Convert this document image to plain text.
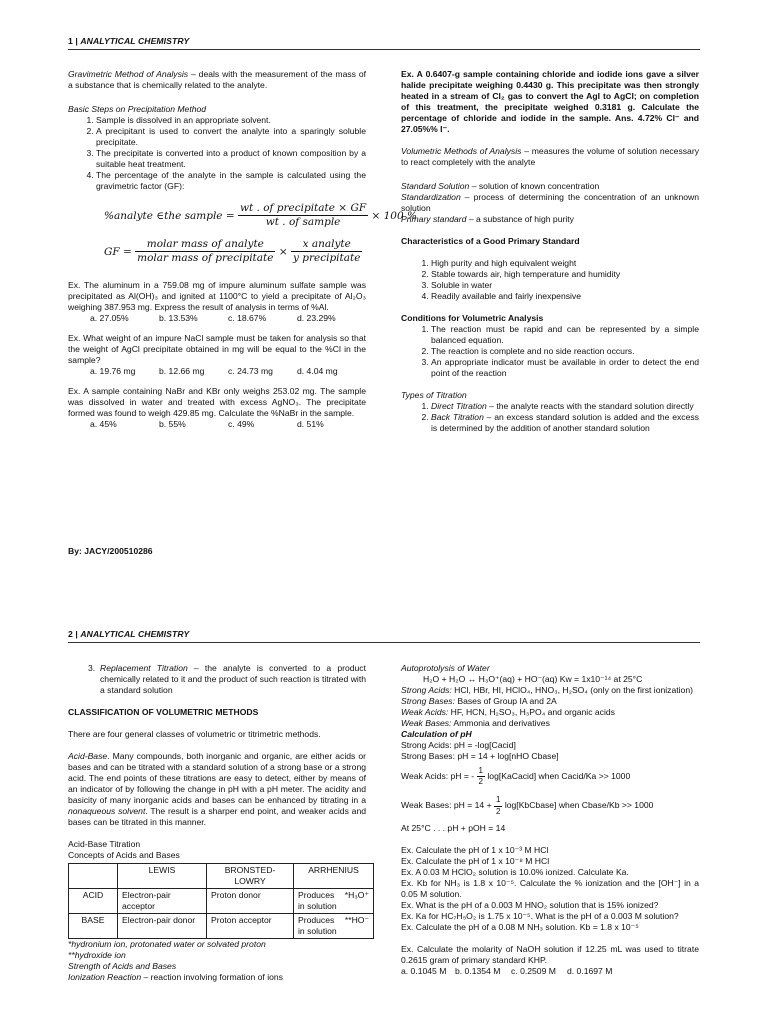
1 | ANALYTICAL CHEMISTRY

Gravimetric Method of Analysis – deals with the measurement of the mass of a substance that is chemically related to the analyte.

Basic Steps on Precipitation Method

1. Sample is dissolved in an appropriate solvent.
2. A precipitant is used to convert the analyte into a sparingly soluble precipitate.
3. The precipitate is converted into a product of known composition by a suitable heat treatment.
4. The percentage of the analyte in the sample is calculated using the gravimetric factor (GF):
%analyte ∈the sample = $\frac{\text{wt . of precipitate × GF}}{\text{wt . of sample}} \times 100$ %
GF = $\frac{\text{molar mass of analyte}}{\text{molar mass of precipitate}} \times \frac{\text{x analyte}}{\text{y precipitate}}$

Ex. The aluminum in a 759.08 mg of impure aluminum sulfate sample was precipitated as Al(OH)₃ and ignited at 1100°C to yield a precipitate of Al₂O₃ weighing 387.953 mg. Express the result of analysis in terms of %Al.

a. 27.05%	b. 13.53%	c. 18.67%	d. 23.29%

Ex. What weight of an impure NaCl sample must be taken for analysis so that the weight of AgCl precipitate obtained in mg will be equal to the %Cl in the sample?

a. 19.76 mg	b. 12.66 mg	c. 24.73 mg	d. 4.04 mg

Ex. A sample containing NaBr and KBr only weighs 253.02 mg. The sample was dissolved in water and treated with excess AgNO₃. The precipitate formed was found to weigh 429.85 mg. Calculate the %NaBr in the sample.

a. 45%	b. 55%	c. 49%	d. 51%

Ex. A 0.6407-g sample containing chloride and iodide ions gave a silver halide precipitate weighing 0.4430 g. This precipitate was then strongly heated in a stream of Cl₂ gas to convert the AgI to AgCl; on completion of this treatment, the precipitate weighed 0.3181 g. Calculate the percentage of chloride and iodide in the sample. Ans. 4.72% Cl⁻ and 27.05%% I⁻.

Volumetric Methods of Analysis – measures the volume of solution necessary to react completely with the analyte

Standard Solution – solution of known concentration

Standardization – process of determining the concentration of an unknown solution

Primary standard – a substance of high purity

Characteristics of a Good Primary Standard

1. High purity and high equivalent weight
2. Stable towards air, high temperature and humidity
3. Soluble in water
4. Readily available and fairly inexpensive

Conditions for Volumetric Analysis

1. The reaction must be rapid and can be represented by a simple balanced equation.
2. The reaction is complete and no side reaction occurs.
3. An appropriate indicator must be available in order to detect the end point of the reaction

Types of Titration

1. Direct Titration – the analyte reacts with the standard solution directly
2. Back Titration – an excess standard solution is added and the excess is determined by the addition of another standard solution
By: JACY/200510286
2 | ANALYTICAL CHEMISTRY
3. Replacement Titration – the analyte is converted to a product chemically related to it and the product of such reaction is titrated with a standard solution

CLASSIFICATION OF VOLUMETRIC METHODS

There are four general classes of volumetric or titrimetric methods.

Acid-Base. Many compounds, both inorganic and organic, are either acids or bases and can be titrated with a standard solution of a strong base or a strong acid. The end points of these titrations are easy to detect, either by means of an indicator of by following the change in pH with a pH meter. The acidity and basicity of many inorganic acids and bases can be enhanced by titrating in a nonaqueous solvent. The result is a sharper end point, and weaker acids and bases can be titrated in this manner.

Acid-Base Titration

Concepts of Acids and Bases

	LEWIS	BRONSTED-LOWRY	ARRHENIUS
ACID	Electron-pair acceptor	Proton donor	Produces *H₃O⁺ in solution
BASE	Electron-pair donor	Proton acceptor	Produces **HO⁻ in solution

*hydronium ion, protonated water or solvated proton

**hydroxide ion

Strength of Acids and Bases

Ionization Reaction – reaction involving formation of ions

Autoprotolysis of Water

H₂O + H₂O ↔ H₃O⁺(aq) + HO⁻(aq) Kw = 1x10⁻¹⁴ at 25°C

Strong Acids: HCl, HBr, HI, HClO₄, HNO₃, H₂SO₄ (only on the first ionization)

Strong Bases: Bases of Group IA and 2A

Weak Acids: HF, HCN, H₂SO₃, H₃PO₄ and organic acids

Weak Bases: Ammonia and derivatives

Calculation of pH

Strong Acids: pH = -log[Cacid]

Strong Bases: pH = 14 + log[nHO Cbase]

Weak Acids: pH = - $\frac{1}{2}$ log[KaCacid] when Cacid/Ka >> 1000
Weak Bases: pH = $14 + \frac{1}{2}$ log[KbCbase] when Cbase/Kb >> 1000

At 25°C . . . pH + pOH = 14

Ex. Calculate the pH of 1 x 10⁻³ M HCl

Ex. Calculate the pH of 1 x 10⁻⁸ M HCl

Ex. A 0.03 M HClO₂ solution is 10.0% ionized. Calculate Ka.

Ex. Kb for NH₃ is 1.8 x 10⁻⁵. Calculate the % ionization and the [OH⁻] in a 0.05 M solution.

Ex. What is the pH of a 0.003 M HNO₂ solution that is 15% ionized?

Ex. Ka for HC₇H₅O₂ is 1.75 x 10⁻⁵. What is the pH of a 0.003 M solution?

Ex. Calculate the pH of a 0.08 M NH₃ solution. Kb = 1.8 x 10⁻⁵

Ex. Calculate the molarity of NaOH solution if 12.25 mL was used to titrate 0.2615 gram of primary standard KHP.

a. 0.1045 M	b. 0.1354 M	c. 0.2509 M	d. 0.1697 M
